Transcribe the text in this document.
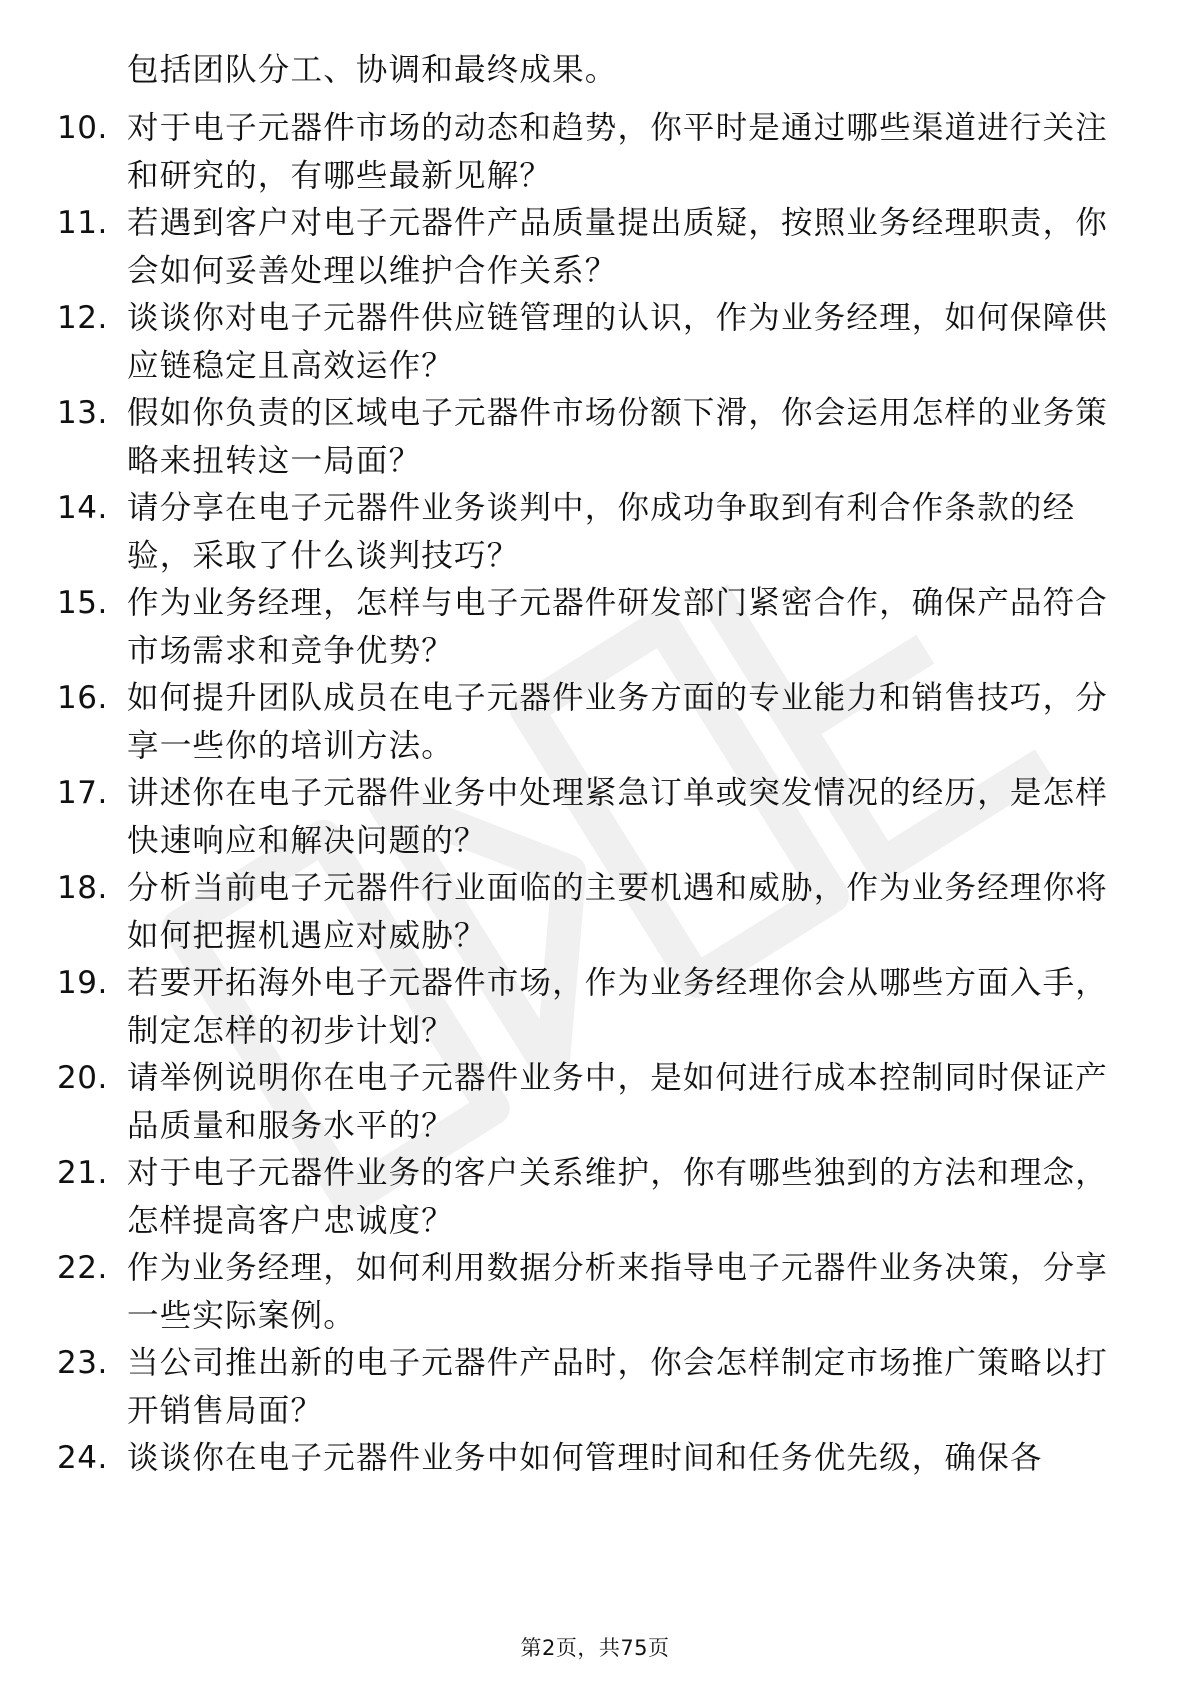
包括团队分工、协调和最终成果。
10. 对于电子元器件市场的动态和趋势，你平时是通过哪些渠道进行关注和研究的，有哪些最新见解？
11. 若遇到客户对电子元器件产品质量提出质疑，按照业务经理职责，你会如何妥善处理以维护合作关系？
12. 谈谈你对电子元器件供应链管理的认识，作为业务经理，如何保障供应链稳定且高效运作？
13. 假如你负责的区域电子元器件市场份额下滑，你会运用怎样的业务策略来扭转这一局面？
14. 请分享在电子元器件业务谈判中，你成功争取到有利合作条款的经验，采取了什么谈判技巧？
15. 作为业务经理，怎样与电子元器件研发部门紧密合作，确保产品符合市场需求和竞争优势？
16. 如何提升团队成员在电子元器件业务方面的专业能力和销售技巧，分享一些你的培训方法。
17. 讲述你在电子元器件业务中处理紧急订单或突发情况的经历，是怎样快速响应和解决问题的？
18. 分析当前电子元器件行业面临的主要机遇和威胁，作为业务经理你将如何把握机遇应对威胁？
19. 若要开拓海外电子元器件市场，作为业务经理你会从哪些方面入手，制定怎样的初步计划？
20. 请举例说明你在电子元器件业务中，是如何进行成本控制同时保证产品质量和服务水平的？
21. 对于电子元器件业务的客户关系维护，你有哪些独到的方法和理念，怎样提高客户忠诚度？
22. 作为业务经理，如何利用数据分析来指导电子元器件业务决策，分享一些实际案例。
23. 当公司推出新的电子元器件产品时，你会怎样制定市场推广策略以打开销售局面？
24. 谈谈你在电子元器件业务中如何管理时间和任务优先级，确保各
第2页，共75页
